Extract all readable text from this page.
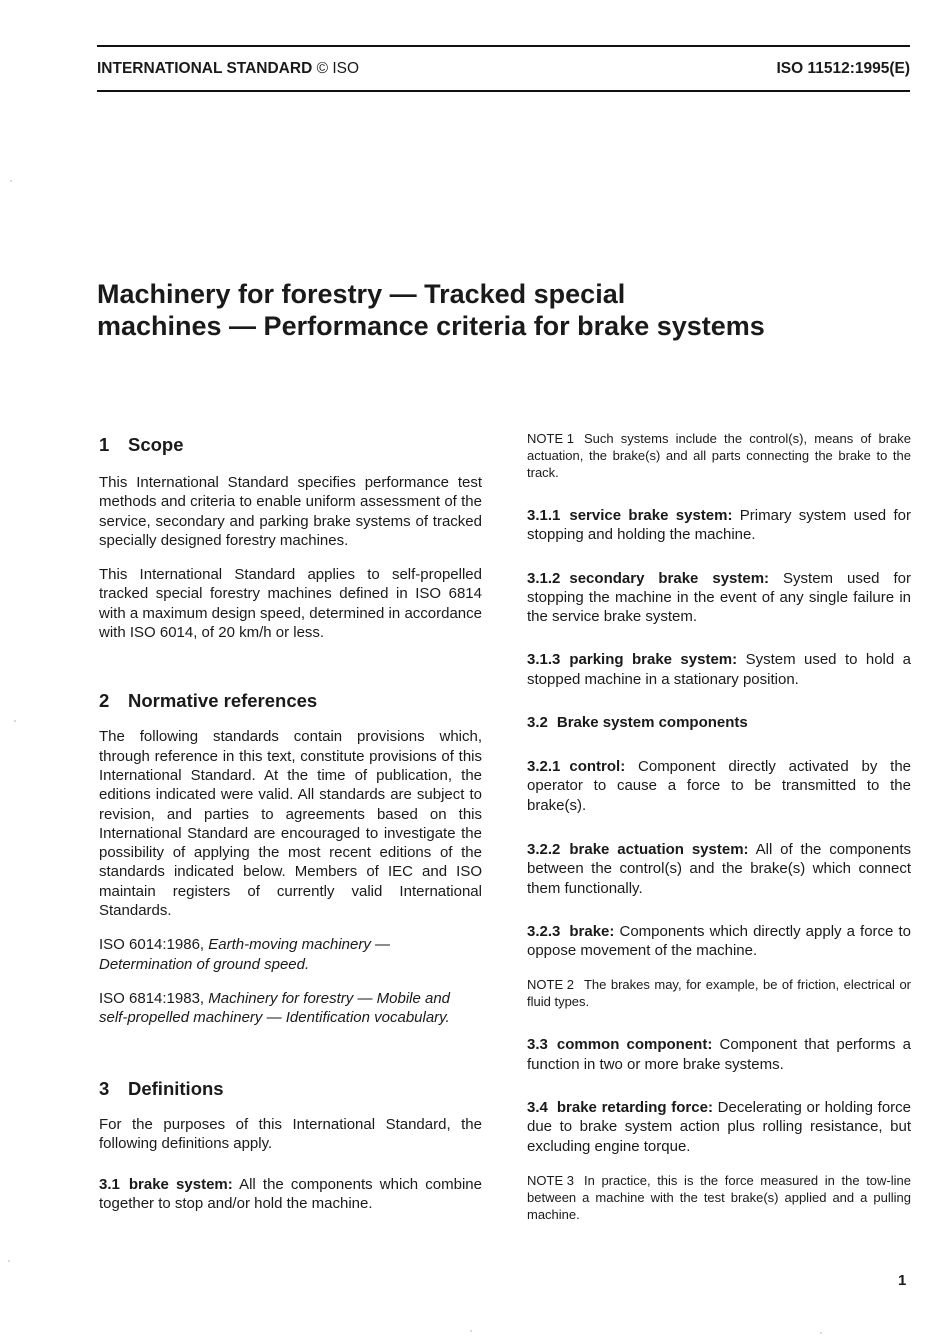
INTERNATIONAL STANDARD © ISO	ISO 11512:1995(E)
Machinery for forestry — Tracked special
machines — Performance criteria for brake systems
1 Scope

This International Standard specifies performance test methods and criteria to enable uniform assessment of the service, secondary and parking brake systems of tracked specially designed forestry machines.

This International Standard applies to self-propelled tracked special forestry machines defined in ISO 6814 with a maximum design speed, determined in accordance with ISO 6014, of 20 km/h or less.

2 Normative references

The following standards contain provisions which, through reference in this text, constitute provisions of this International Standard. At the time of publication, the editions indicated were valid. All standards are subject to revision, and parties to agreements based on this International Standard are encouraged to investigate the possibility of applying the most recent editions of the standards indicated below. Members of IEC and ISO maintain registers of currently valid International Standards.

ISO 6014:1986, Earth-moving machinery — Determination of ground speed.

ISO 6814:1983, Machinery for forestry — Mobile and self-propelled machinery — Identification vocabulary.

3 Definitions

For the purposes of this International Standard, the following definitions apply.

3.1 brake system: All the components which combine together to stop and/or hold the machine.

NOTE 1 Such systems include the control(s), means of brake actuation, the brake(s) and all parts connecting the brake to the track.

3.1.1 service brake system: Primary system used for stopping and holding the machine.

3.1.2 secondary brake system: System used for stopping the machine in the event of any single failure in the service brake system.

3.1.3 parking brake system: System used to hold a stopped machine in a stationary position.

3.2 Brake system components

3.2.1 control: Component directly activated by the operator to cause a force to be transmitted to the brake(s).

3.2.2 brake actuation system: All of the components between the control(s) and the brake(s) which connect them functionally.

3.2.3 brake: Components which directly apply a force to oppose movement of the machine.

NOTE 2 The brakes may, for example, be of friction, electrical or fluid types.

3.3 common component: Component that performs a function in two or more brake systems.

3.4 brake retarding force: Decelerating or holding force due to brake system action plus rolling resistance, but excluding engine torque.

NOTE 3 In practice, this is the force measured in the tow-line between a machine with the test brake(s) applied and a pulling machine.

1
